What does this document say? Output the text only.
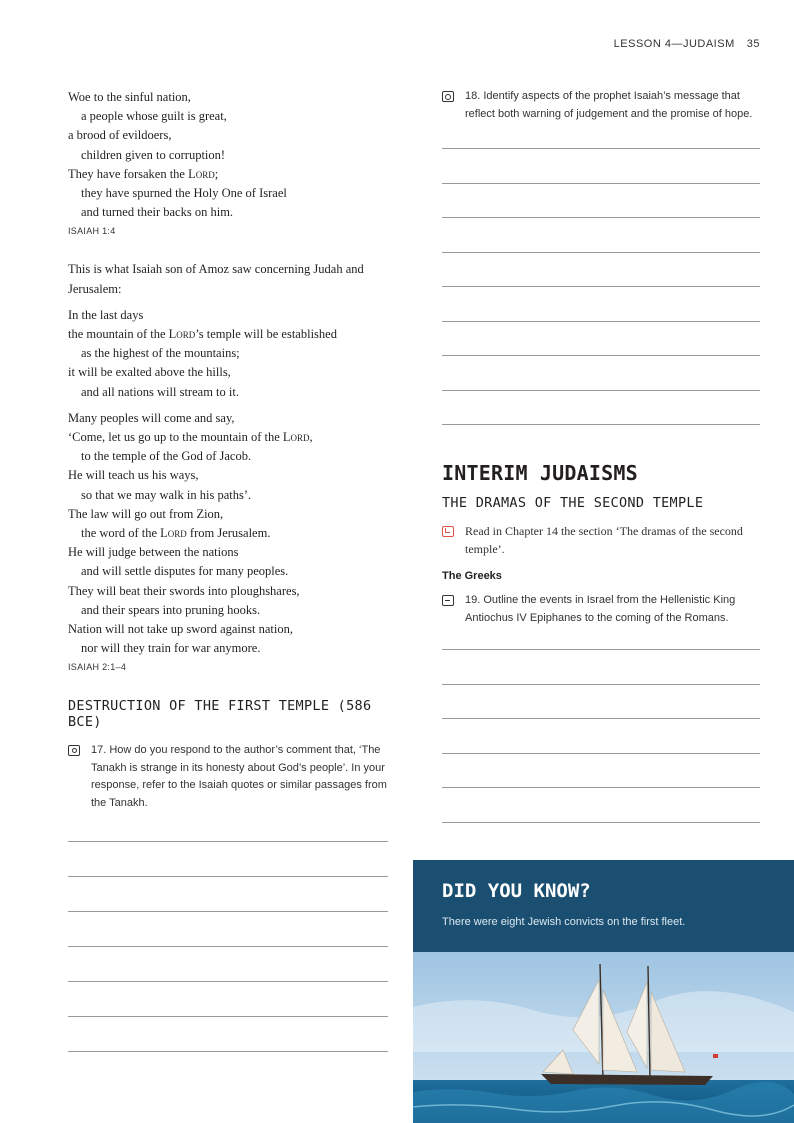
LESSON 4—JUDAISM 35
Woe to the sinful nation,
a people whose guilt is great,
a brood of evildoers,
children given to corruption!
They have forsaken the Lord;
they have spurned the Holy One of Israel
and turned their backs on him.
ISAIAH 1:4

This is what Isaiah son of Amoz saw concerning Judah and Jerusalem:

In the last days
the mountain of the Lord’s temple will be established
as the highest of the mountains;
it will be exalted above the hills,
and all nations will stream to it.
Many peoples will come and say,
‘Come, let us go up to the mountain of the Lord,
to the temple of the God of Jacob.
He will teach us his ways,
so that we may walk in his paths’.
The law will go out from Zion,
the word of the Lord from Jerusalem.
He will judge between the nations
and will settle disputes for many peoples.
They will beat their swords into ploughshares,
and their spears into pruning hooks.
Nation will not take up sword against nation,
nor will they train for war anymore.
ISAIAH 2:1–4
DESTRUCTION OF THE FIRST TEMPLE (586 BCE)
17. How do you respond to the author’s comment that, ‘The Tanakh is strange in its honesty about God’s people’. In your response, refer to the Isaiah quotes or similar passages from the Tanakh.
18. Identify aspects of the prophet Isaiah’s message that reflect both warning of judgement and the promise of hope.
INTERIM JUDAISMS
THE DRAMAS OF THE SECOND TEMPLE
Read in Chapter 14 the section ‘The dramas of the second temple’.
The Greeks
19. Outline the events in Israel from the Hellenistic King Antiochus IV Epiphanes to the coming of the Romans.
DID YOU KNOW?
There were eight Jewish convicts on the first fleet.
